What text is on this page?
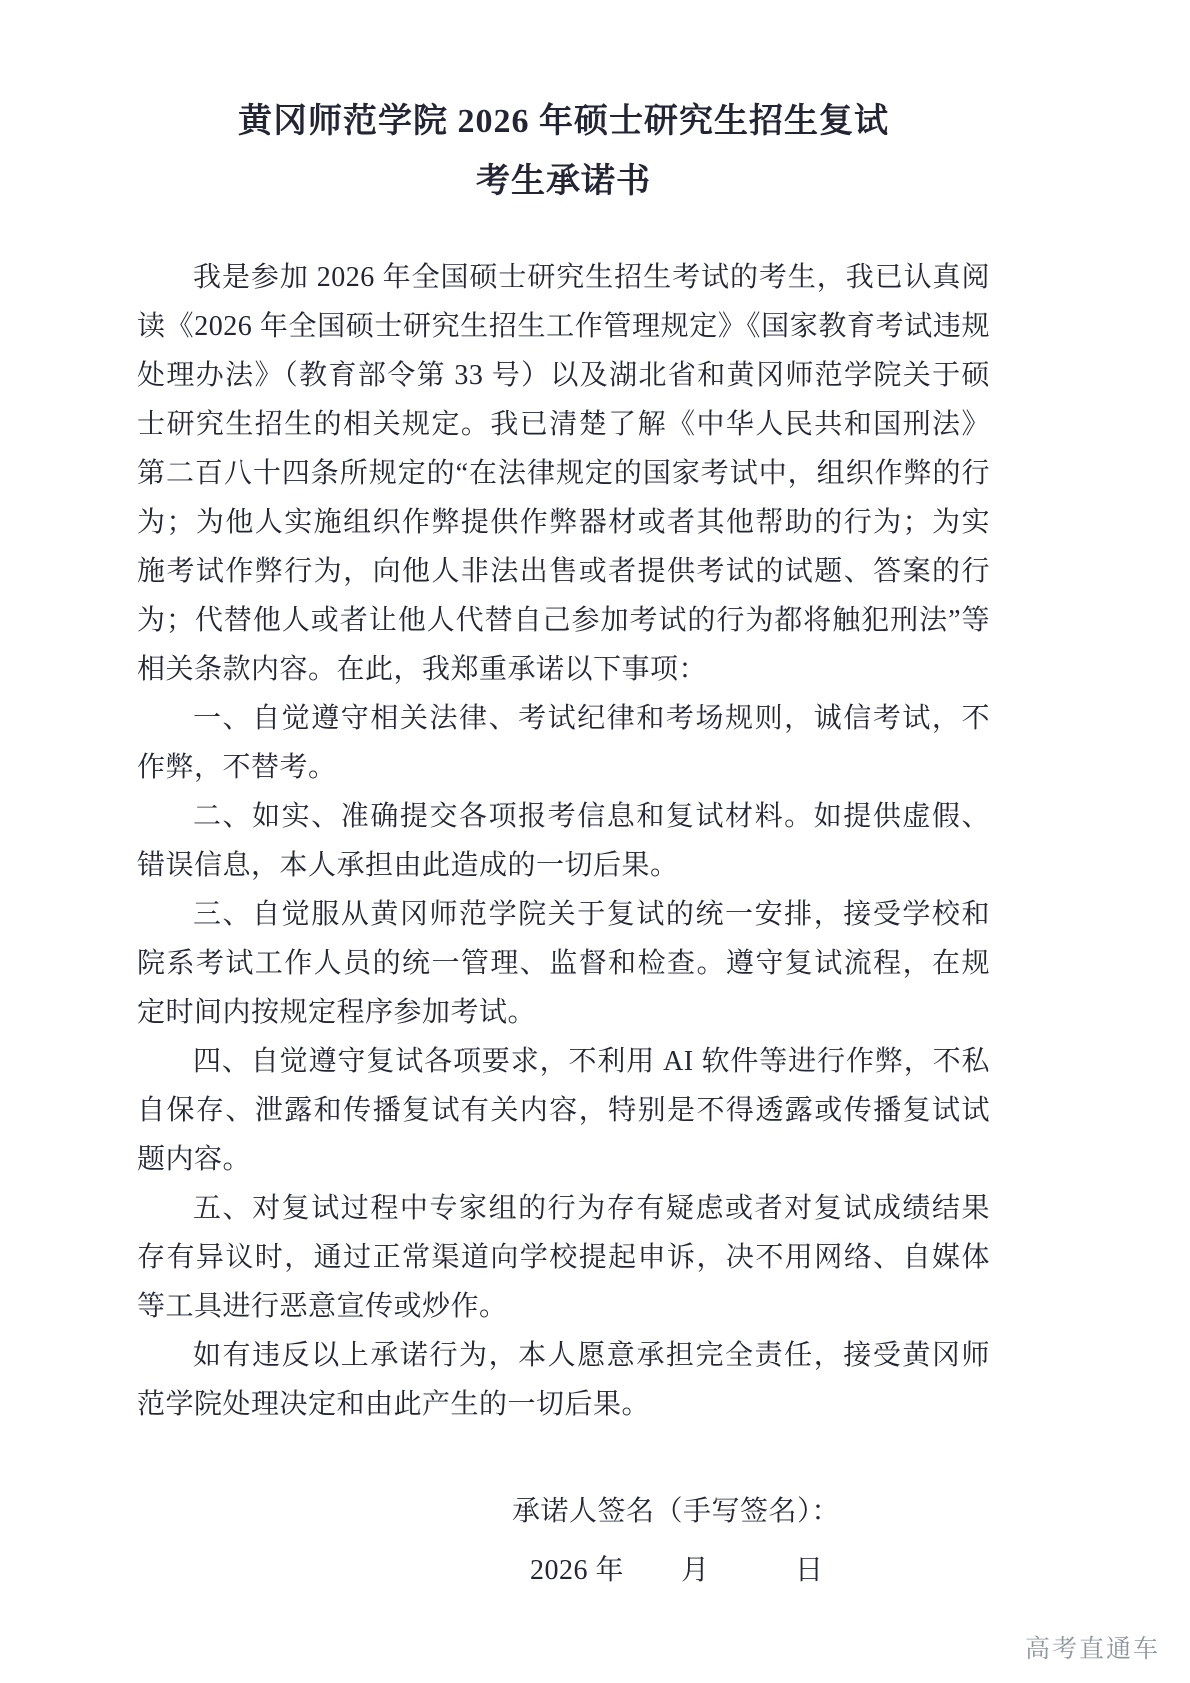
黄冈师范学院 2026 年硕士研究生招生复试
考生承诺书

我是参加 2026 年全国硕士研究生招生考试的考生，我已认真阅读《2026 年全国硕士研究生招生工作管理规定》《国家教育考试违规处理办法》（教育部令第 33 号）以及湖北省和黄冈师范学院关于硕士研究生招生的相关规定。我已清楚了解《中华人民共和国刑法》第二百八十四条所规定的“在法律规定的国家考试中，组织作弊的行为；为他人实施组织作弊提供作弊器材或者其他帮助的行为；为实施考试作弊行为，向他人非法出售或者提供考试的试题、答案的行为；代替他人或者让他人代替自己参加考试的行为都将触犯刑法”等相关条款内容。在此，我郑重承诺以下事项：

一、自觉遵守相关法律、考试纪律和考场规则，诚信考试，不作弊，不替考。

二、如实、准确提交各项报考信息和复试材料。如提供虚假、错误信息，本人承担由此造成的一切后果。

三、自觉服从黄冈师范学院关于复试的统一安排，接受学校和院系考试工作人员的统一管理、监督和检查。遵守复试流程，在规定时间内按规定程序参加考试。

四、自觉遵守复试各项要求，不利用 AI 软件等进行作弊，不私自保存、泄露和传播复试有关内容，特别是不得透露或传播复试试题内容。

五、对复试过程中专家组的行为存有疑虑或者对复试成绩结果存有异议时，通过正常渠道向学校提起申诉，决不用网络、自媒体等工具进行恶意宣传或炒作。

如有违反以上承诺行为，本人愿意承担完全责任，接受黄冈师范学院处理决定和由此产生的一切后果。

承诺人签名（手写签名）：
2026 年　　月　　　日
高考直通车
